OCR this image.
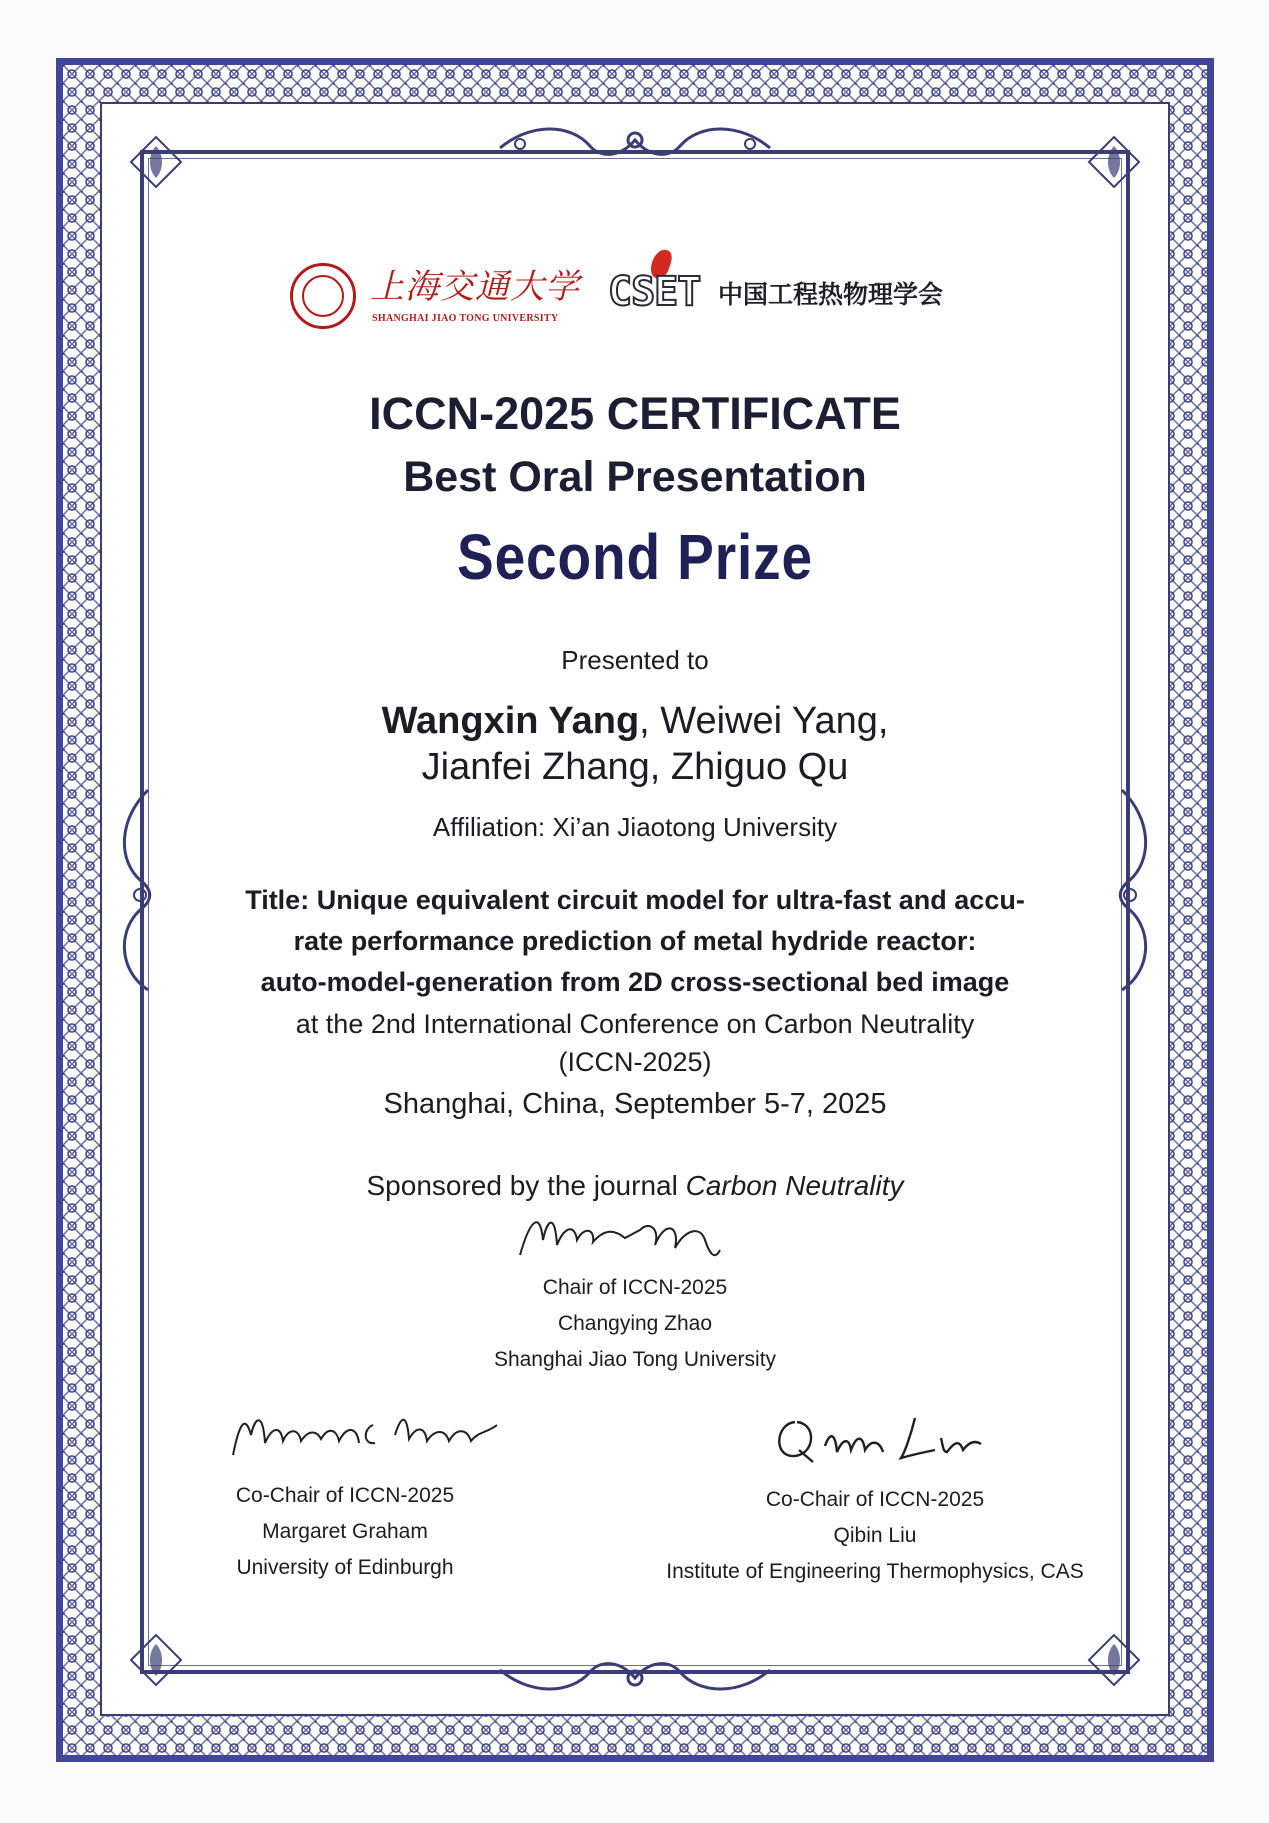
上海交通大学
SHANGHAI JIAO TONG UNIVERSITY
CSET 中国工程热物理学会
ICCN-2025 CERTIFICATE
Best Oral Presentation
Second Prize
Presented to
Wangxin Yang, Weiwei Yang,
Jianfei Zhang, Zhiguo Qu
Affiliation: Xi’an Jiaotong University
Title: Unique equivalent circuit model for ultra-fast and accu-
rate performance prediction of metal hydride reactor:
auto-model-generation from 2D cross-sectional bed image
at the 2nd International Conference on Carbon Neutrality
(ICCN-2025)
Shanghai, China, September 5-7, 2025
Sponsored by the journal Carbon Neutrality
Chair of ICCN-2025
Changying Zhao
Shanghai Jiao Tong University
Co-Chair of ICCN-2025
Margaret Graham
University of Edinburgh
Co-Chair of ICCN-2025
Qibin Liu
Institute of Engineering Thermophysics, CAS
